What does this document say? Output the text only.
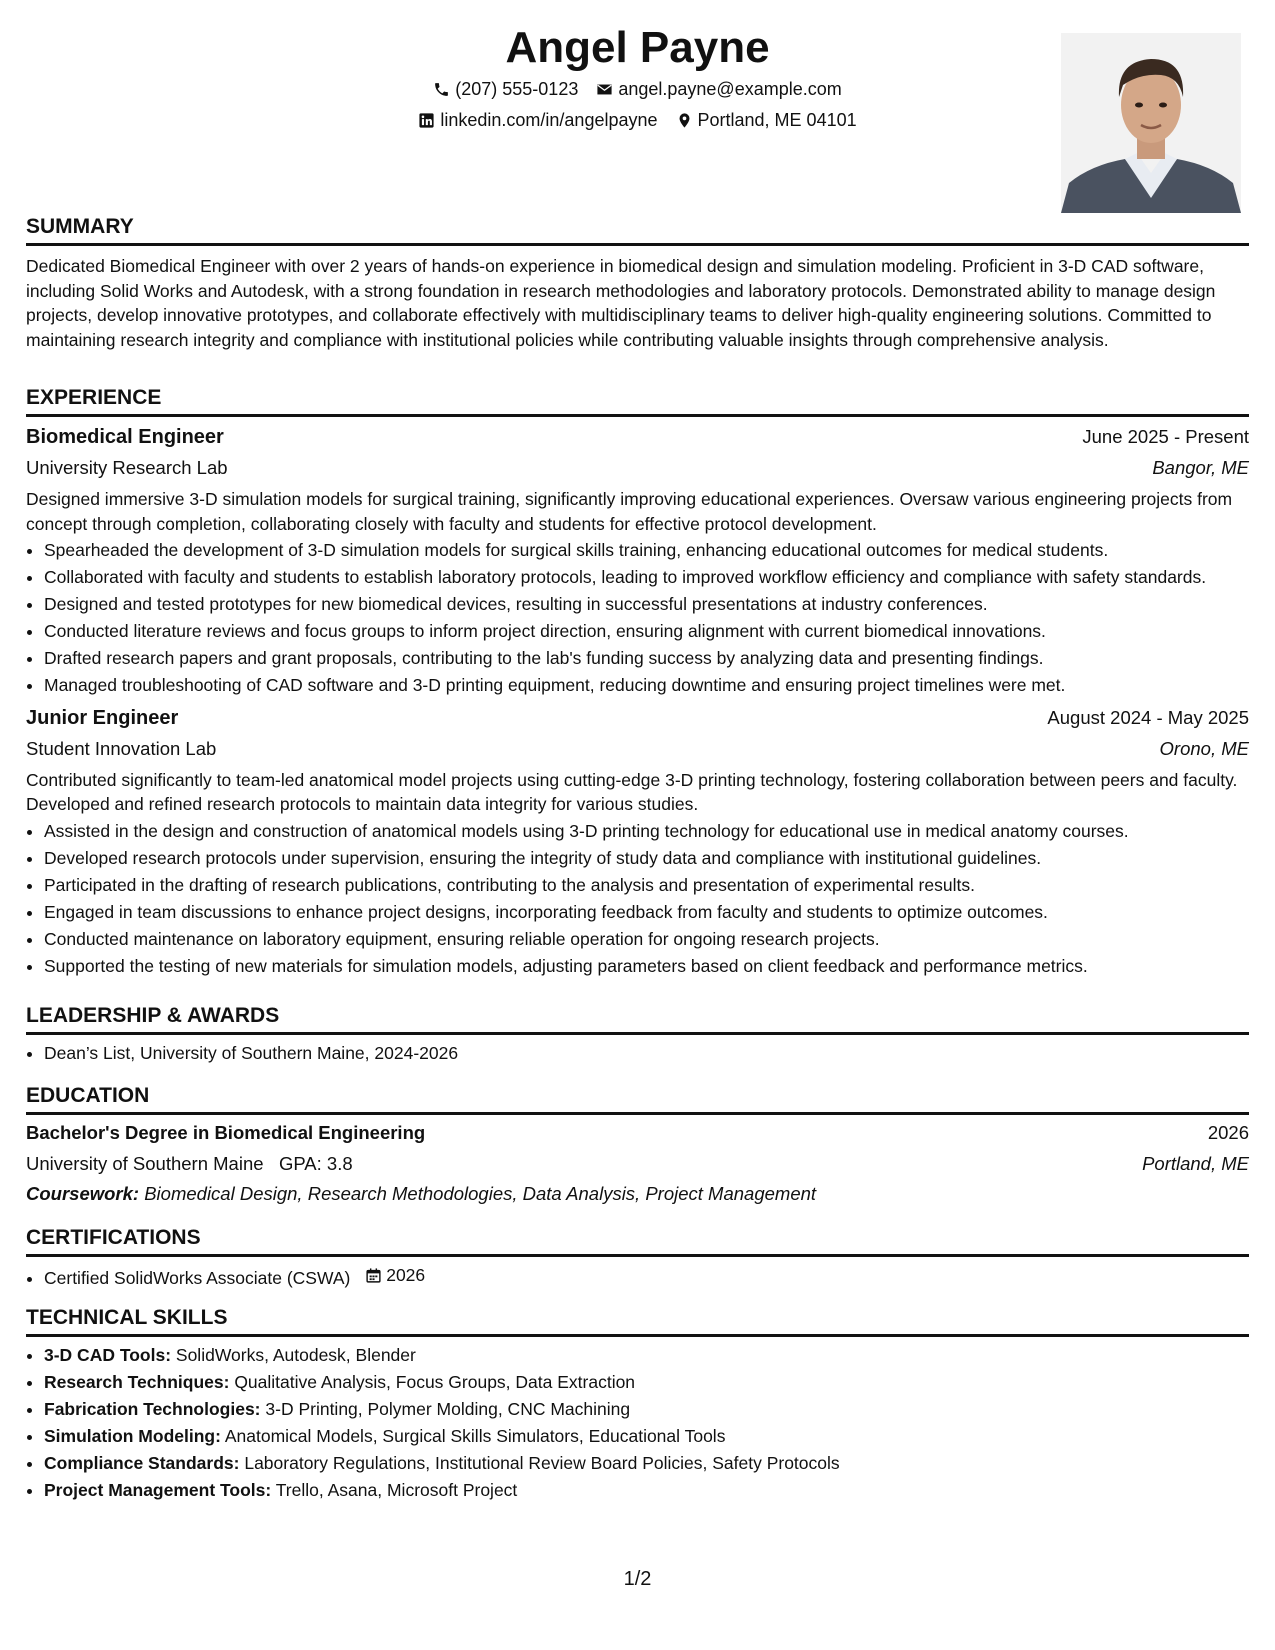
Angel Payne
(207) 555-0123 angel.payne@example.com
linkedin.com/in/angelpayne Portland, ME 04101
SUMMARY

Dedicated Biomedical Engineer with over 2 years of hands-on experience in biomedical design and simulation modeling. Proficient in 3-D CAD software, including Solid Works and Autodesk, with a strong foundation in research methodologies and laboratory protocols. Demonstrated ability to manage design projects, develop innovative prototypes, and collaborate effectively with multidisciplinary teams to deliver high-quality engineering solutions. Committed to maintaining research integrity and compliance with institutional policies while contributing valuable insights through comprehensive analysis.

EXPERIENCE
Biomedical Engineer	June 2025 - Present
University Research Lab	Bangor, ME

Designed immersive 3-D simulation models for surgical training, significantly improving educational experiences. Oversaw various engineering projects from concept through completion, collaborating closely with faculty and students for effective protocol development.

• Spearheaded the development of 3-D simulation models for surgical skills training, enhancing educational outcomes for medical students.
• Collaborated with faculty and students to establish laboratory protocols, leading to improved workflow efficiency and compliance with safety standards.
• Designed and tested prototypes for new biomedical devices, resulting in successful presentations at industry conferences.
• Conducted literature reviews and focus groups to inform project direction, ensuring alignment with current biomedical innovations.
• Drafted research papers and grant proposals, contributing to the lab's funding success by analyzing data and presenting findings.
• Managed troubleshooting of CAD software and 3-D printing equipment, reducing downtime and ensuring project timelines were met.
Junior Engineer	August 2024 - May 2025
Student Innovation Lab	Orono, ME

Contributed significantly to team-led anatomical model projects using cutting-edge 3-D printing technology, fostering collaboration between peers and faculty. Developed and refined research protocols to maintain data integrity for various studies.

• Assisted in the design and construction of anatomical models using 3-D printing technology for educational use in medical anatomy courses.
• Developed research protocols under supervision, ensuring the integrity of study data and compliance with institutional guidelines.
• Participated in the drafting of research publications, contributing to the analysis and presentation of experimental results.
• Engaged in team discussions to enhance project designs, incorporating feedback from faculty and students to optimize outcomes.
• Conducted maintenance on laboratory equipment, ensuring reliable operation for ongoing research projects.
• Supported the testing of new materials for simulation models, adjusting parameters based on client feedback and performance metrics.
LEADERSHIP & AWARDS
• Dean’s List, University of Southern Maine, 2024-2026
EDUCATION
Bachelor's Degree in Biomedical Engineering	2026
University of Southern Maine GPA: 3.8	Portland, ME
Coursework: Biomedical Design, Research Methodologies, Data Analysis, Project Management
CERTIFICATIONS
• Certified SolidWorks Associate (CSWA) 2026
TECHNICAL SKILLS
• 3-D CAD Tools: SolidWorks, Autodesk, Blender
• Research Techniques: Qualitative Analysis, Focus Groups, Data Extraction
• Fabrication Technologies: 3-D Printing, Polymer Molding, CNC Machining
• Simulation Modeling: Anatomical Models, Surgical Skills Simulators, Educational Tools
• Compliance Standards: Laboratory Regulations, Institutional Review Board Policies, Safety Protocols
• Project Management Tools: Trello, Asana, Microsoft Project
1/2
